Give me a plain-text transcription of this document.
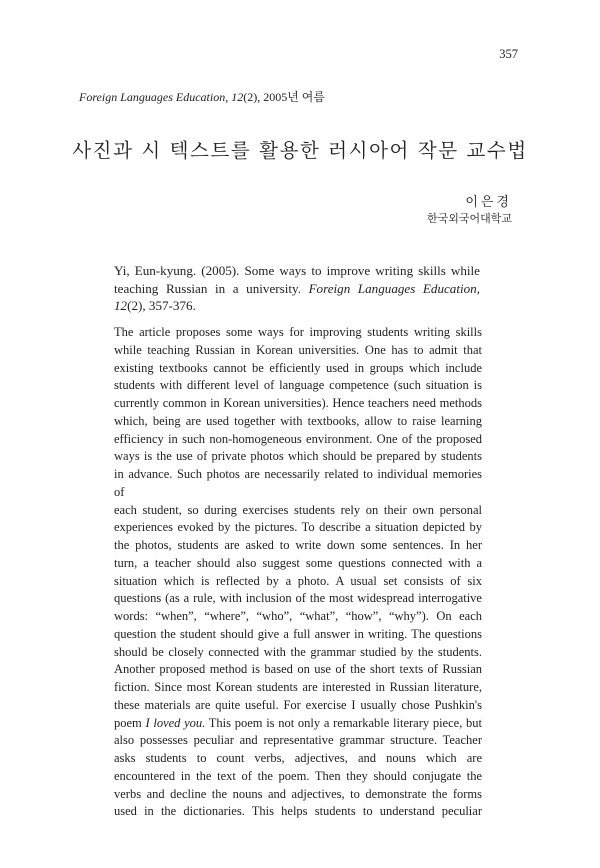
357
Foreign Languages Education, 12(2), 2005년 여름
사진과 시 텍스트를 활용한 러시아어 작문 교수법
이은경
한국외국어대학교
Yi, Eun-kyung. (2005). Some ways to improve writing skills while teaching Russian in a university. Foreign Languages Education, 12(2), 357-376.
The article proposes some ways for improving students writing skills
while teaching Russian in Korean universities. One has to admit that
existing textbooks cannot be efficiently used in groups which include
students with different level of language competence (such situation is
currently common in Korean universities). Hence teachers need methods
which, being are used together with textbooks, allow to raise learning
efficiency in such non-homogeneous environment. One of the proposed
ways is the use of private photos which should be prepared by students
in advance. Such photos are necessarily related to individual memories of
each student, so during exercises students rely on their own personal
experiences evoked by the pictures. To describe a situation depicted by
the photos, students are asked to write down some sentences. In her
turn, a teacher should also suggest some questions connected with a
situation which is reflected by a photo. A usual set consists of six
questions (as a rule, with inclusion of the most widespread interrogative
words: “when”, “where”, “who”, “what”, “how”, “why”). On each
question the student should give a full answer in writing. The questions
should be closely connected with the grammar studied by the students.
Another proposed method is based on use of the short texts of Russian
fiction. Since most Korean students are interested in Russian literature,
these materials are quite useful. For exercise I usually chose Pushkin's
poem I loved you. This poem is not only a remarkable literary piece, but
also possesses peculiar and representative grammar structure. Teacher
asks students to count verbs, adjectives, and nouns which are
encountered in the text of the poem. Then they should conjugate the
verbs and decline the nouns and adjectives, to demonstrate the forms
used in the dictionaries. This helps students to understand peculiar
